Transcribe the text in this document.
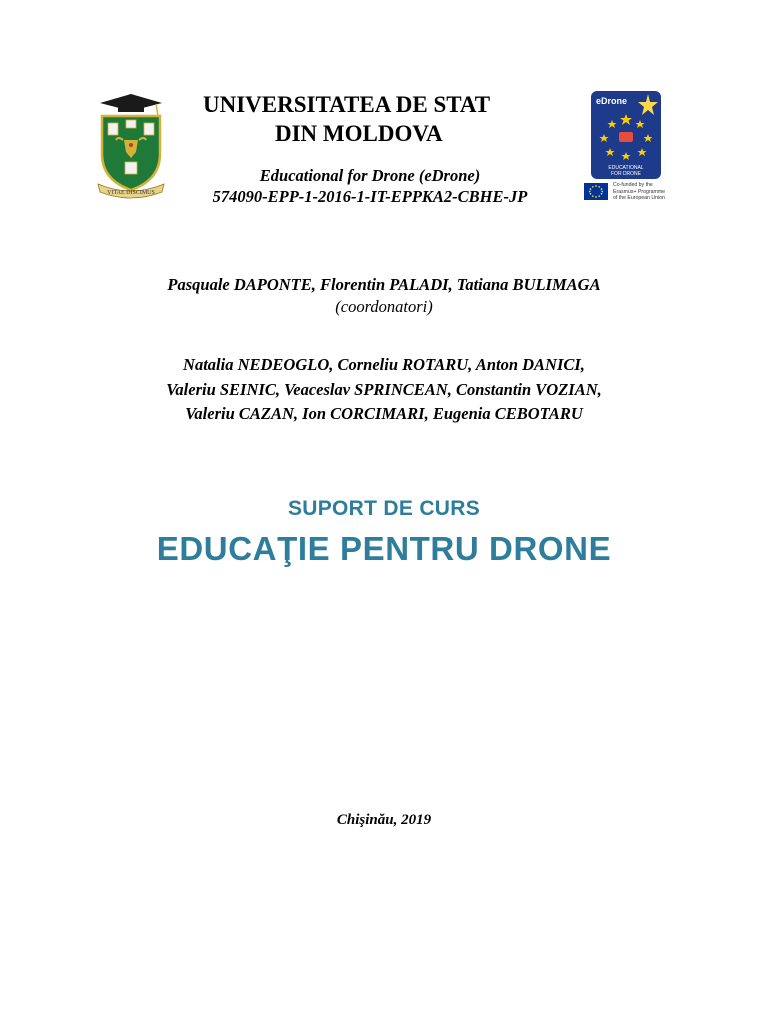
VITAE DISCIMUS
UNIVERSITATEA DE STAT
DIN MOLDOVA
Educational for Drone (eDrone)
574090-EPP-1-2016-1-IT-EPPKA2-CBHE-JP
eDrone
EDUCATIONAL
FOR DRONE
Co-funded by the
Erasmus+ Programme
of the European Union
Pasquale DAPONTE, Florentin PALADI, Tatiana BULIMAGA
(coordonatori)
Natalia NEDEOGLO, Corneliu ROTARU, Anton DANICI,
Valeriu SEINIC, Veaceslav SPRINCEAN, Constantin VOZIAN,
Valeriu CAZAN, Ion CORCIMARI, Eugenia CEBOTARU
SUPORT DE CURS
EDUCAŢIE PENTRU DRONE
Chişinău, 2019
